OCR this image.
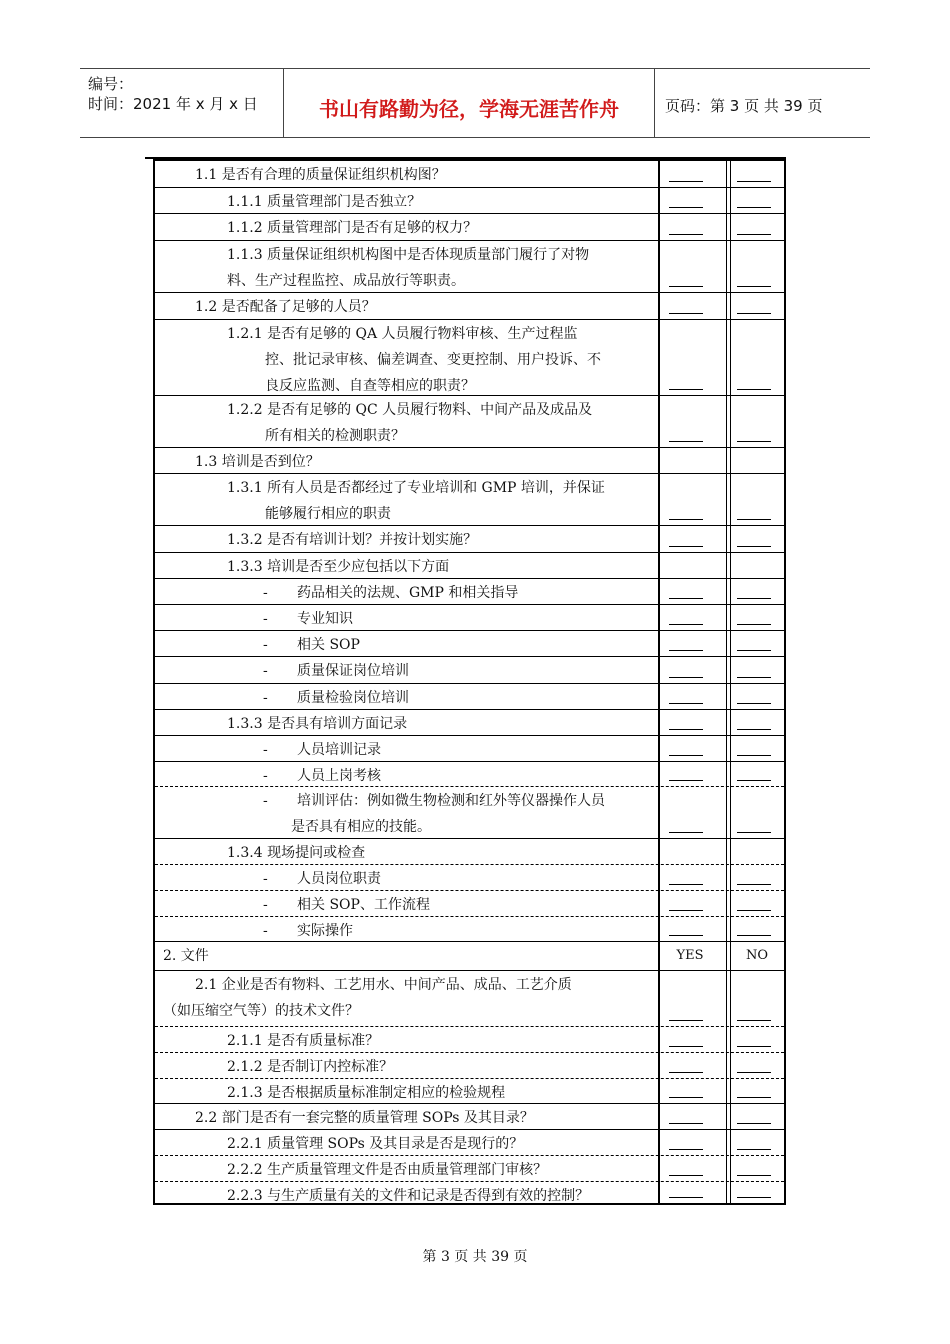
编号：
时间：2021 年 x 月 x 日	书山有路勤为径，学海无涯苦作舟	页码：第 3 页 共 39 页
1.1 是否有合理的质量保证组织机构图？
1.1.1 质量管理部门是否独立？
1.1.2 质量管理部门是否有足够的权力？
1.1.3 质量保证组织机构图中是否体现质量部门履行了对物
料、生产过程监控、成品放行等职责。
1.2 是否配备了足够的人员？
1.2.1 是否有足够的 QA 人员履行物料审核、生产过程监
控、批记录审核、偏差调查、变更控制、用户投诉、不
良反应监测、自查等相应的职责？
1.2.2 是否有足够的 QC 人员履行物料、中间产品及成品及
所有相关的检测职责？
1.3 培训是否到位？
1.3.1 所有人员是否都经过了专业培训和 GMP 培训，并保证
能够履行相应的职责
1.3.2 是否有培训计划？并按计划实施？
1.3.3 培训是否至少应包括以下方面
- 药品相关的法规、GMP 和相关指导
- 专业知识
- 相关 SOP
- 质量保证岗位培训
- 质量检验岗位培训
1.3.3 是否具有培训方面记录
- 人员培训记录
- 人员上岗考核
- 培训评估：例如微生物检测和红外等仪器操作人员
是否具有相应的技能。
1.3.4 现场提问或检查
- 人员岗位职责
- 相关 SOP、工作流程
- 实际操作
2. 文件	YES	NO
2.1 企业是否有物料、工艺用水、中间产品、成品、工艺介质
（如压缩空气等）的技术文件？
2.1.1 是否有质量标准？
2.1.2 是否制订内控标准？
2.1.3 是否根据质量标准制定相应的检验规程
2.2 部门是否有一套完整的质量管理 SOPs 及其目录？
2.2.1 质量管理 SOPs 及其目录是否是现行的？
2.2.2 生产质量管理文件是否由质量管理部门审核？
2.2.3 与生产质量有关的文件和记录是否得到有效的控制？
第 3 页 共 39 页
